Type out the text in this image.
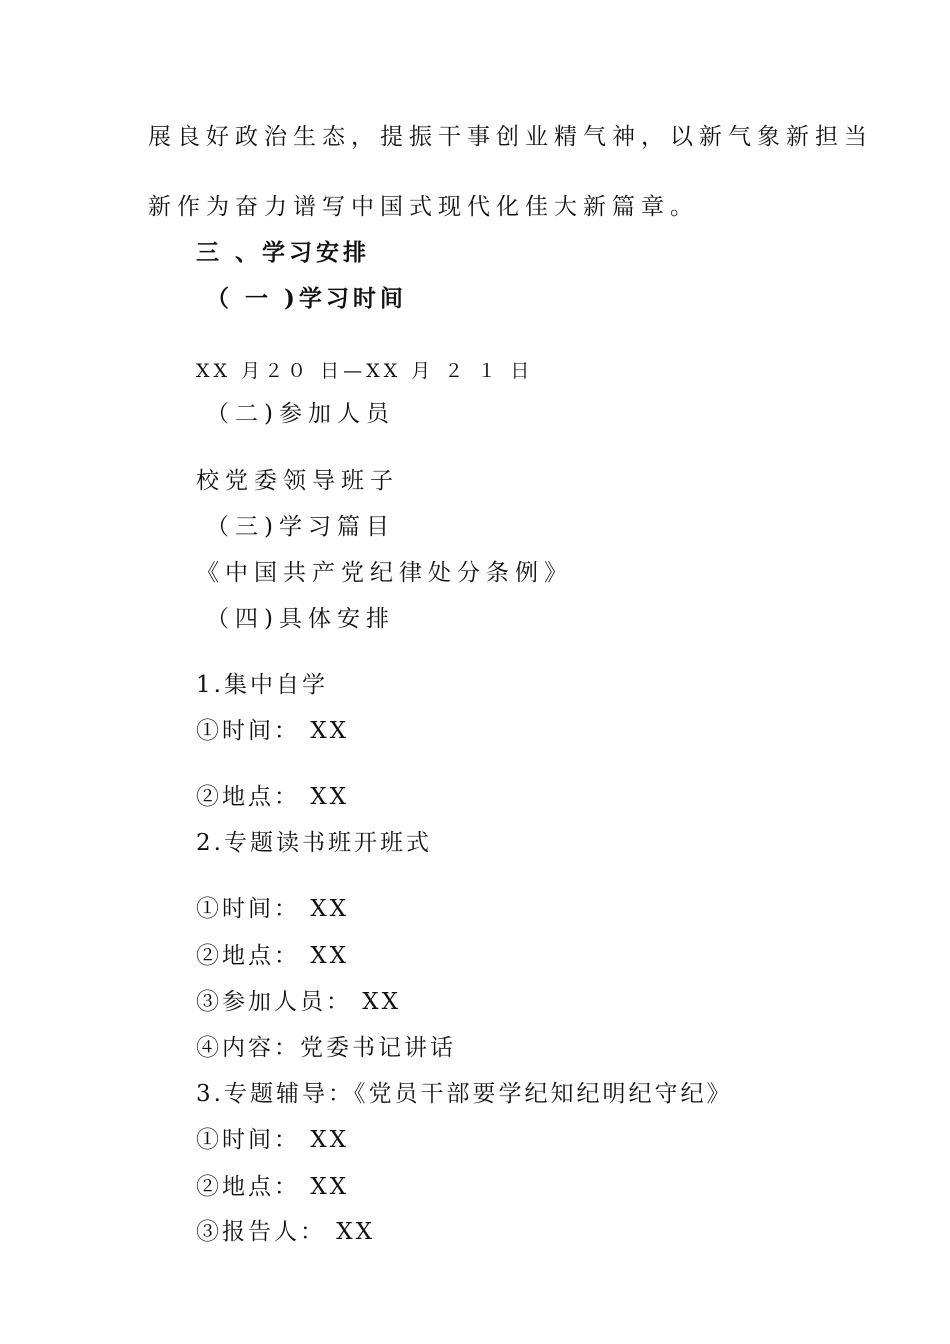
展良好政治生态，提振干事创业精气神，以新气象新担当
新作为奋力谱写中国式现代化佳大新篇章。
三 、学习安排
（ 一 )学习时间
XX 月２０ 日—XX 月 ２ １ 日
（二)参加人员
校党委领导班子
（三)学习篇目
《中国共产党纪律处分条例》
（四)具体安排
1.集中自学
①时间： XX
②地点： XX
2.专题读书班开班式
①时间： XX
②地点： XX
③参加人员： XX
④内容：党委书记讲话
3.专题辅导：《党员干部要学纪知纪明纪守纪》
①时间： XX
②地点： XX
③报告人： XX
